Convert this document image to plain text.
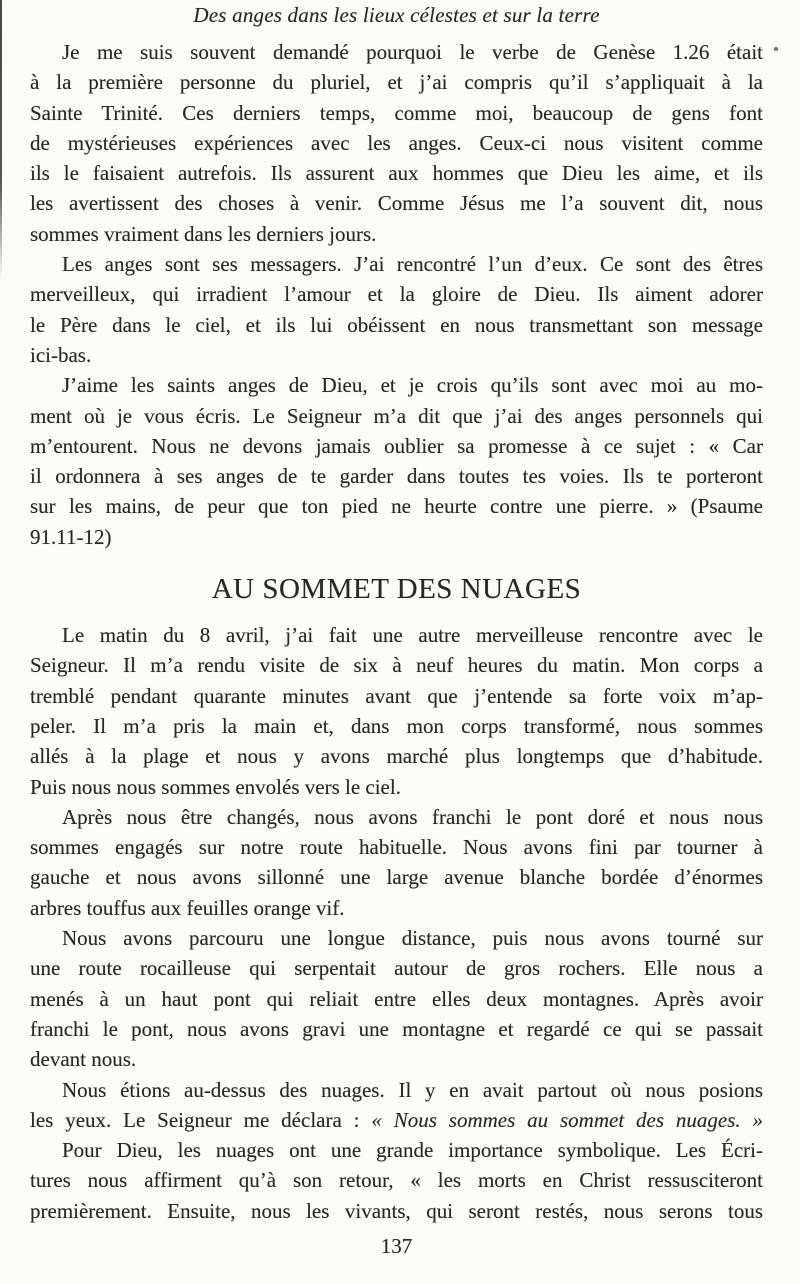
Des anges dans les lieux célestes et sur la terre
Je me suis souvent demandé pourquoi le verbe de Genèse 1.26 était
à la première personne du pluriel, et j’ai compris qu’il s’appliquait à la
Sainte Trinité. Ces derniers temps, comme moi, beaucoup de gens font
de mystérieuses expériences avec les anges. Ceux-ci nous visitent comme
ils le faisaient autrefois. Ils assurent aux hommes que Dieu les aime, et ils
les avertissent des choses à venir. Comme Jésus me l’a souvent dit, nous
sommes vraiment dans les derniers jours.
Les anges sont ses messagers. J’ai rencontré l’un d’eux. Ce sont des êtres
merveilleux, qui irradient l’amour et la gloire de Dieu. Ils aiment adorer
le Père dans le ciel, et ils lui obéissent en nous transmettant son message
ici-bas.
J’aime les saints anges de Dieu, et je crois qu’ils sont avec moi au mo-
ment où je vous écris. Le Seigneur m’a dit que j’ai des anges personnels qui
m’entourent. Nous ne devons jamais oublier sa promesse à ce sujet : « Car
il ordonnera à ses anges de te garder dans toutes tes voies. Ils te porteront
sur les mains, de peur que ton pied ne heurte contre une pierre. » (Psaume
91.11-12)
AU SOMMET DES NUAGES
Le matin du 8 avril, j’ai fait une autre merveilleuse rencontre avec le
Seigneur. Il m’a rendu visite de six à neuf heures du matin. Mon corps a
tremblé pendant quarante minutes avant que j’entende sa forte voix m’ap-
peler. Il m’a pris la main et, dans mon corps transformé, nous sommes
allés à la plage et nous y avons marché plus longtemps que d’habitude.
Puis nous nous sommes envolés vers le ciel.
Après nous être changés, nous avons franchi le pont doré et nous nous
sommes engagés sur notre route habituelle. Nous avons fini par tourner à
gauche et nous avons sillonné une large avenue blanche bordée d’énormes
arbres touffus aux feuilles orange vif.
Nous avons parcouru une longue distance, puis nous avons tourné sur
une route rocailleuse qui serpentait autour de gros rochers. Elle nous a
menés à un haut pont qui reliait entre elles deux montagnes. Après avoir
franchi le pont, nous avons gravi une montagne et regardé ce qui se passait
devant nous.
Nous étions au-dessus des nuages. Il y en avait partout où nous posions
les yeux. Le Seigneur me déclara : « Nous sommes au sommet des nuages. »
Pour Dieu, les nuages ont une grande importance symbolique. Les Écri-
tures nous affirment qu’à son retour, « les morts en Christ ressusciteront
premièrement. Ensuite, nous les vivants, qui seront restés, nous serons tous
137
